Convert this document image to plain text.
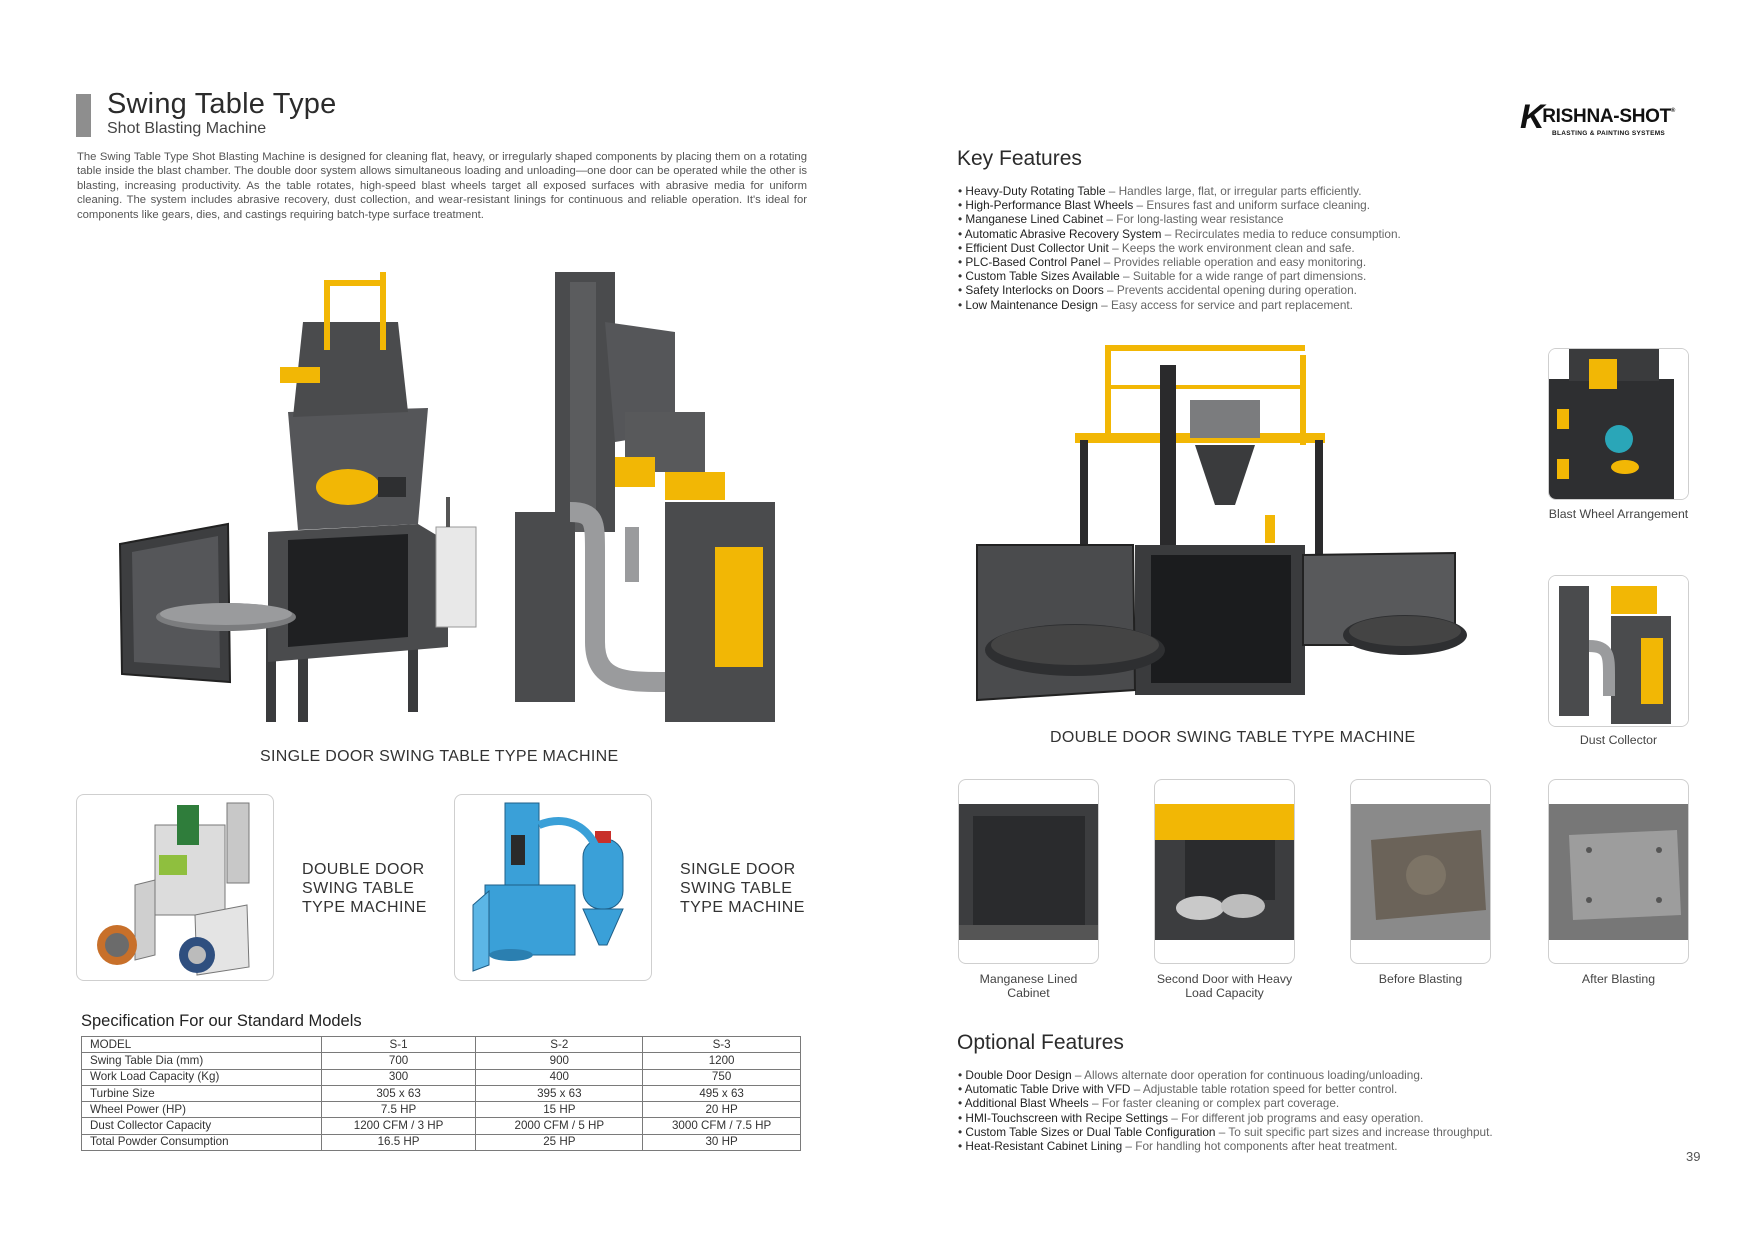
Swing Table Type
Shot Blasting Machine

The Swing Table Type Shot Blasting Machine is designed for cleaning flat, heavy, or irregularly shaped components by placing them on a rotating table inside the blast chamber. The double door system allows simultaneous loading and unloading—one door can be operated while the other is blasting, increasing productivity. As the table rotates, high-speed blast wheels target all exposed surfaces with abrasive media for uniform cleaning. The system includes abrasive recovery, dust collection, and wear-resistant linings for continuous and reliable operation. It's ideal for components like gears, dies, and castings requiring batch-type surface treatment.

SINGLE DOOR SWING TABLE TYPE MACHINE
DOUBLE DOOR
SWING TABLE
TYPE MACHINE
SINGLE DOOR
SWING TABLE
TYPE MACHINE
Specification For our Standard Models
MODEL	S-1	S-2	S-3
Swing Table Dia (mm)	700	900	1200
Work Load Capacity (Kg)	300	400	750
Turbine Size	305 x 63	395 x 63	495 x 63
Wheel Power (HP)	7.5 HP	15 HP	20 HP
Dust Collector Capacity	1200 CFM / 3 HP	2000 CFM / 5 HP	3000 CFM / 7.5 HP
Total Powder Consumption	16.5 HP	25 HP	30 HP
KRISHNA-SHOT®
BLASTING & PAINTING SYSTEMS
Key Features
• Heavy-Duty Rotating Table – Handles large, flat, or irregular parts efficiently.
• High-Performance Blast Wheels – Ensures fast and uniform surface cleaning.
• Manganese Lined Cabinet – For long-lasting wear resistance
• Automatic Abrasive Recovery System – Recirculates media to reduce consumption.
• Efficient Dust Collector Unit – Keeps the work environment clean and safe.
• PLC-Based Control Panel – Provides reliable operation and easy monitoring.
• Custom Table Sizes Available – Suitable for a wide range of part dimensions.
• Safety Interlocks on Doors – Prevents accidental opening during operation.
• Low Maintenance Design – Easy access for service and part replacement.
DOUBLE DOOR SWING TABLE TYPE MACHINE
Blast Wheel Arrangement
Dust Collector
Manganese Lined Cabinet
Second Door with Heavy Load Capacity
Before Blasting	After Blasting
Optional Features
• Double Door Design – Allows alternate door operation for continuous loading/unloading.
• Automatic Table Drive with VFD – Adjustable table rotation speed for better control.
• Additional Blast Wheels – For faster cleaning or complex part coverage.
• HMI-Touchscreen with Recipe Settings – For different job programs and easy operation.
• Custom Table Sizes or Dual Table Configuration – To suit specific part sizes and increase throughput.
• Heat-Resistant Cabinet Lining – For handling hot components after heat treatment.
39
